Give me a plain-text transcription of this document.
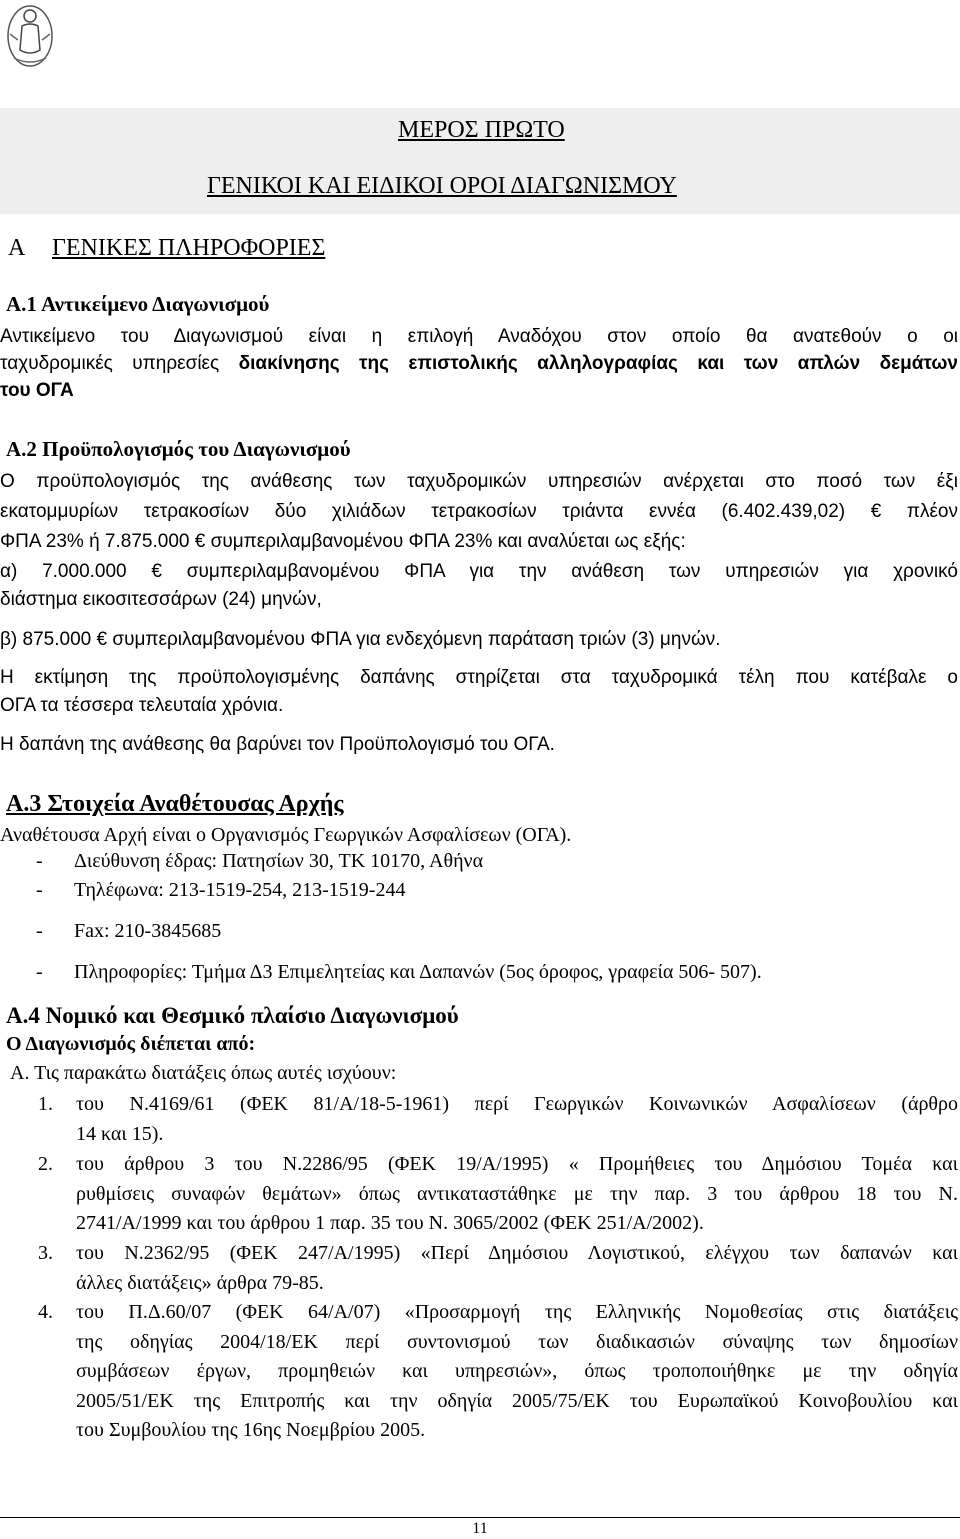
ΜΕΡΟΣ ΠΡΩΤΟ
ΓΕΝΙΚΟΙ ΚΑΙ ΕΙΔΙΚΟΙ ΟΡΟΙ ΔΙΑΓΩΝΙΣΜΟΥ
Α ΓΕΝΙΚΕΣ ΠΛΗΡΟΦΟΡΙΕΣ
Α.1 Αντικείμενο Διαγωνισμού
Αντικείμενο του Διαγωνισμού είναι η επιλογή Αναδόχου στον οποίο θα ανατεθούν ο οι
ταχυδρομικές υπηρεσίες διακίνησης της επιστολικής αλληλογραφίας και των απλών δεμάτων
του ΟΓΑ
Α.2 Προϋπολογισμός του Διαγωνισμού
Ο προϋπολογισμός της ανάθεσης των ταχυδρομικών υπηρεσιών ανέρχεται στο ποσό των έξι
εκατομμυρίων τετρακοσίων δύο χιλιάδων τετρακοσίων τριάντα εννέα (6.402.439,02) € πλέον
ΦΠΑ 23% ή 7.875.000 € συμπεριλαμβανομένου ΦΠΑ 23% και αναλύεται ως εξής:
α) 7.000.000 € συμπεριλαμβανομένου ΦΠΑ για την ανάθεση των υπηρεσιών για χρονικό
διάστημα εικοσιτεσσάρων (24) μηνών,
β) 875.000 € συμπεριλαμβανομένου ΦΠΑ για ενδεχόμενη παράταση τριών (3) μηνών.
Η εκτίμηση της προϋπολογισμένης δαπάνης στηρίζεται στα ταχυδρομικά τέλη που κατέβαλε ο
ΟΓΑ τα τέσσερα τελευταία χρόνια.
Η δαπάνη της ανάθεσης θα βαρύνει τον Προϋπολογισμό του ΟΓΑ.
Α.3 Στοιχεία Αναθέτουσας Αρχής
Αναθέτουσα Αρχή είναι ο Οργανισμός Γεωργικών Ασφαλίσεων (ΟΓΑ).
- Διεύθυνση έδρας: Πατησίων 30, ΤΚ 10170, Αθήνα
- Τηλέφωνα: 213-1519-254, 213-1519-244
- Fax: 210-3845685
- Πληροφορίες: Τμήμα Δ3 Επιμελητείας και Δαπανών (5ος όροφος, γραφεία 506- 507).
Α.4 Νομικό και Θεσμικό πλαίσιο Διαγωνισμού
Ο Διαγωνισμός διέπεται από:
Α. Τις παρακάτω διατάξεις όπως αυτές ισχύουν:
1. του Ν.4169/61 (ΦΕΚ 81/Α/18-5-1961) περί Γεωργικών Κοινωνικών Ασφαλίσεων (άρθρο
14 και 15).
2. του άρθρου 3 του Ν.2286/95 (ΦΕΚ 19/Α/1995) « Προμήθειες του Δημόσιου Τομέα και
ρυθμίσεις συναφών θεμάτων» όπως αντικαταστάθηκε με την παρ. 3 του άρθρου 18 του Ν.
2741/Α/1999 και του άρθρου 1 παρ. 35 του Ν. 3065/2002 (ΦΕΚ 251/Α/2002).
3. του Ν.2362/95 (ΦΕΚ 247/Α/1995) «Περί Δημόσιου Λογιστικού, ελέγχου των δαπανών και
άλλες διατάξεις» άρθρα 79-85.
4. του Π.Δ.60/07 (ΦΕΚ 64/Α/07) «Προσαρμογή της Ελληνικής Νομοθεσίας στις διατάξεις
της οδηγίας 2004/18/ΕΚ περί συντονισμού των διαδικασιών σύναψης των δημοσίων
συμβάσεων έργων, προμηθειών και υπηρεσιών», όπως τροποποιήθηκε με την οδηγία
2005/51/ΕΚ της Επιτροπής και την οδηγία 2005/75/ΕΚ του Ευρωπαϊκού Κοινοβουλίου και
του Συμβουλίου της 16ης Νοεμβρίου 2005.
11
